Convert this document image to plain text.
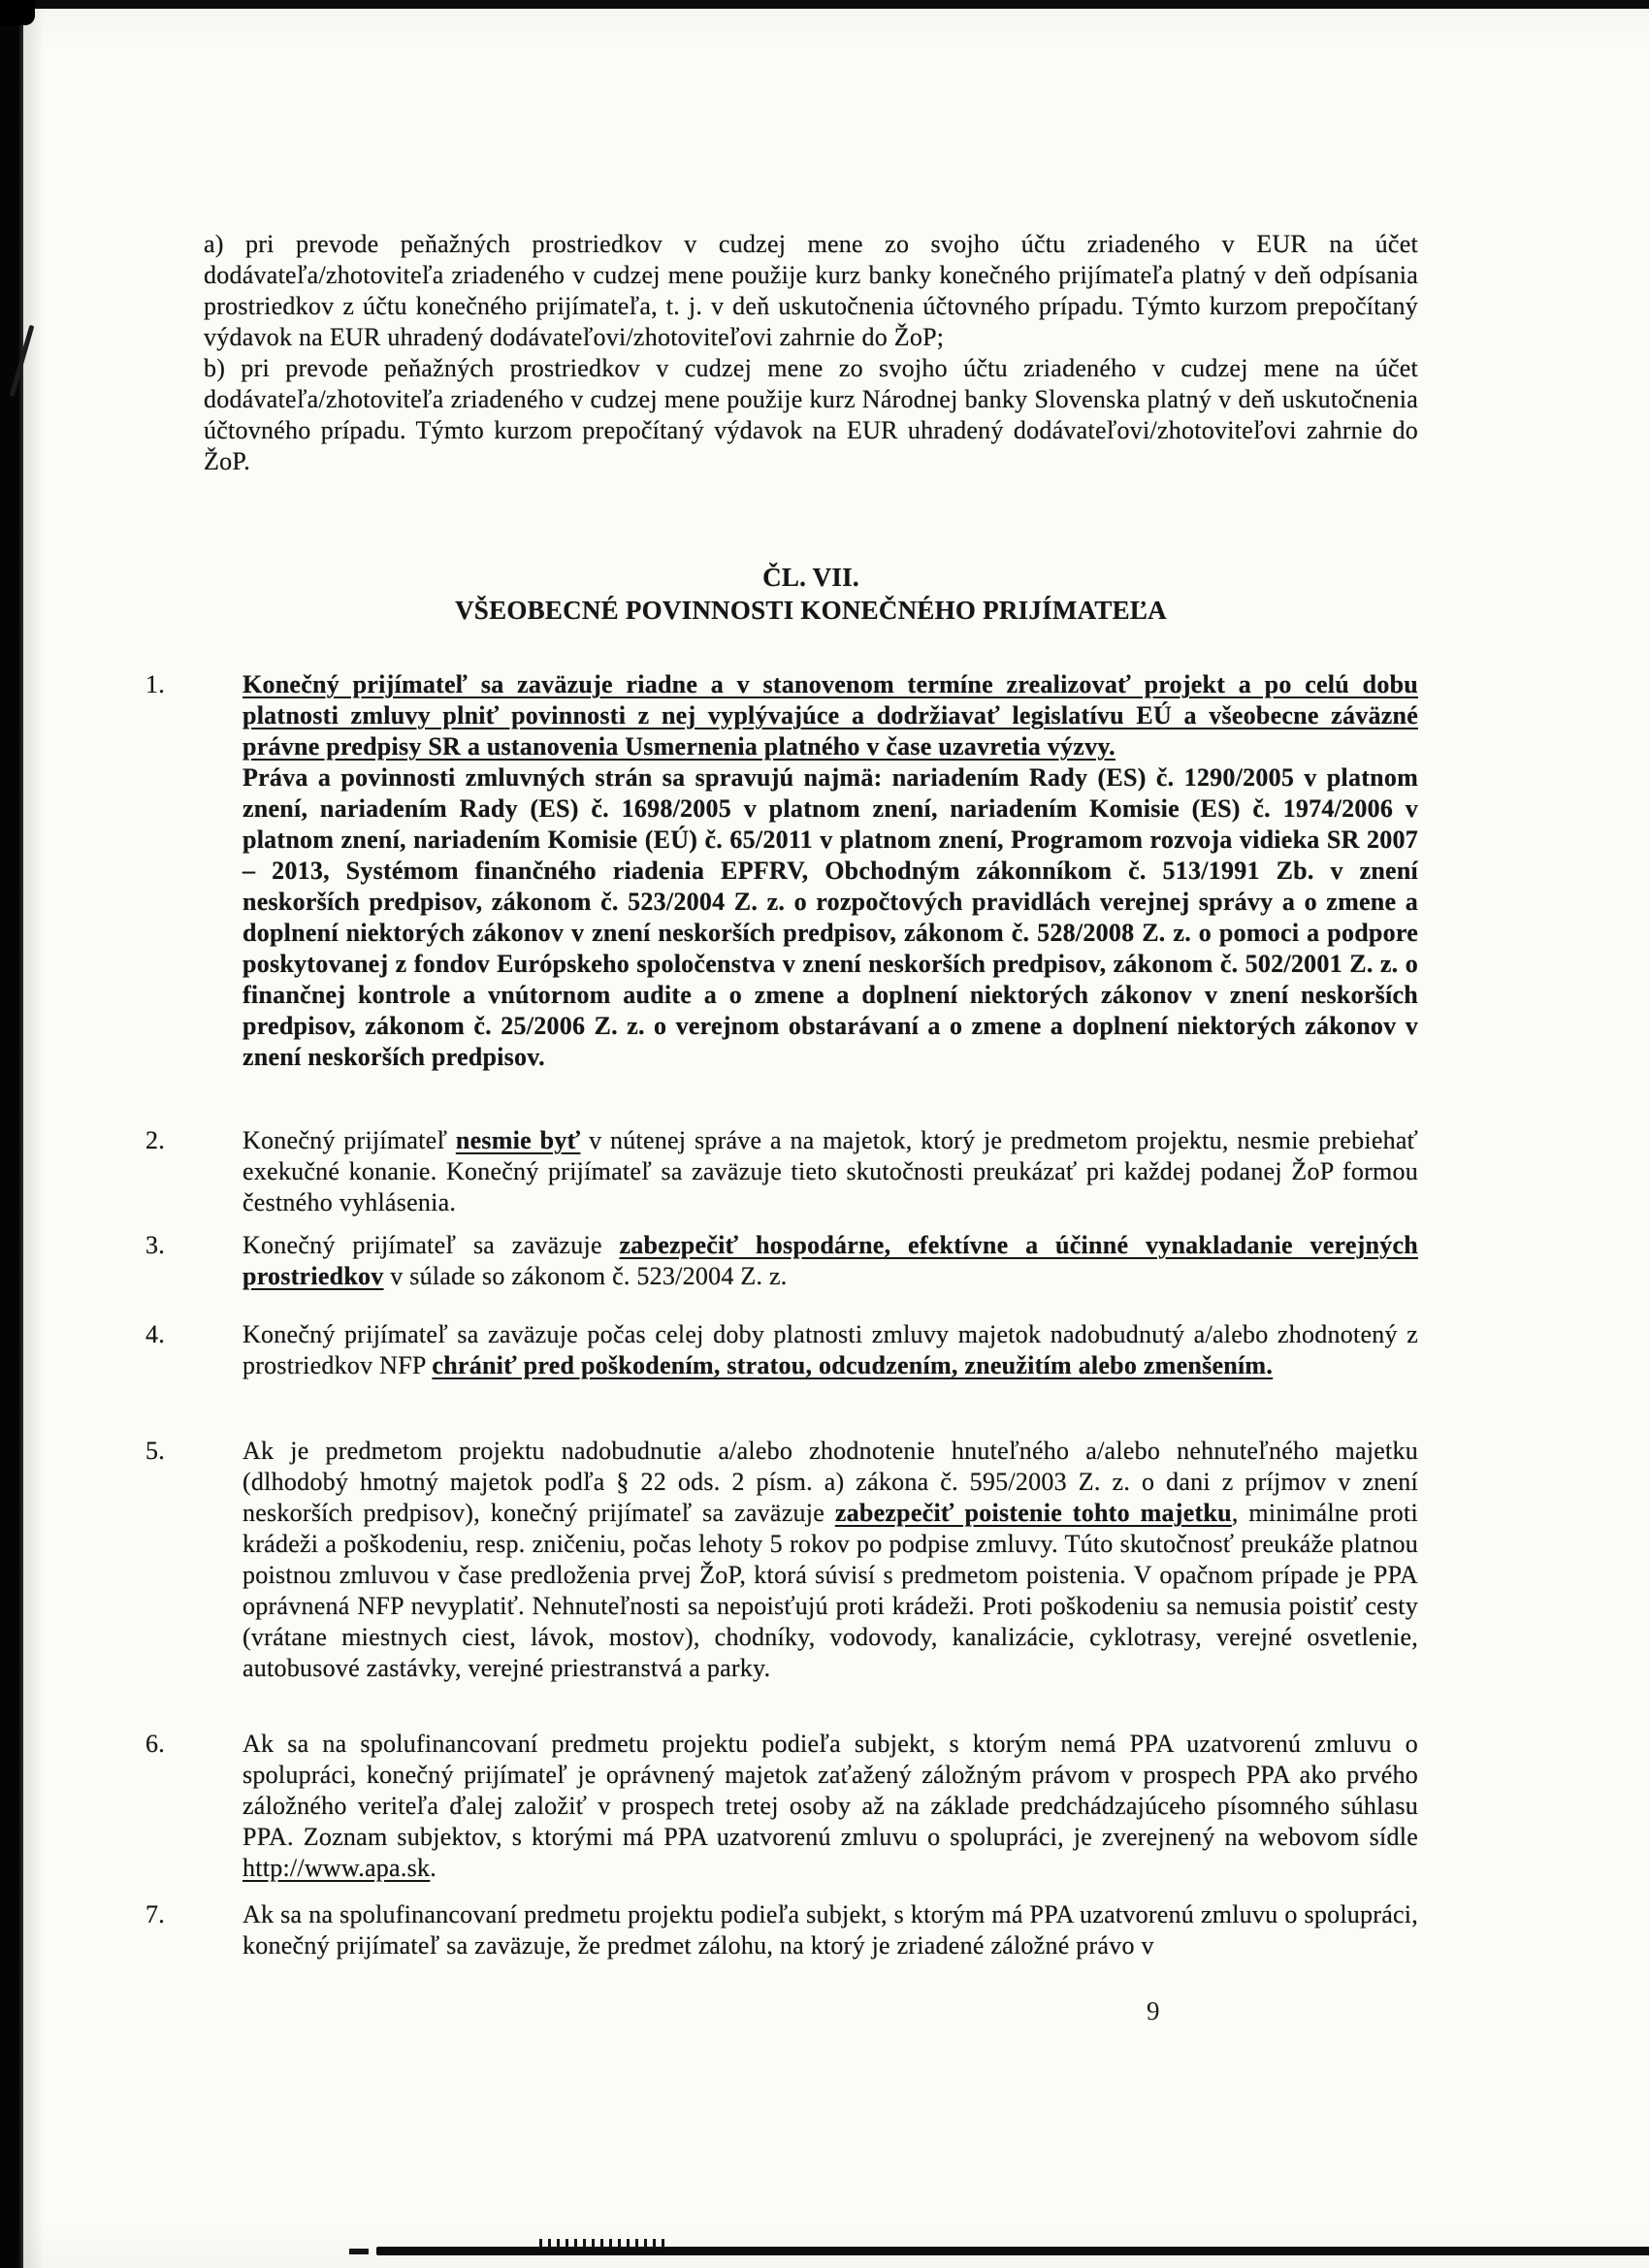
a) pri prevode peňažných prostriedkov v cudzej mene zo svojho účtu zriadeného v EUR na účet dodávateľa/zhotoviteľa zriadeného v cudzej mene použije kurz banky konečného prijímateľa platný v deň odpísania prostriedkov z účtu konečného prijímateľa, t. j. v deň uskutočnenia účtovného prípadu. Týmto kurzom prepočítaný výdavok na EUR uhradený dodávateľovi/zhotoviteľovi zahrnie do ŽoP;

b) pri prevode peňažných prostriedkov v cudzej mene zo svojho účtu zriadeného v cudzej mene na účet dodávateľa/zhotoviteľa zriadeného v cudzej mene použije kurz Národnej banky Slovenska platný v deň uskutočnenia účtovného prípadu. Týmto kurzom prepočítaný výdavok na EUR uhradený dodávateľovi/zhotoviteľovi zahrnie do ŽoP.

ČL. VII.
VŠEOBECNÉ POVINNOSTI KONEČNÉHO PRIJÍMATEĽA
1.	Konečný prijímateľ sa zaväzuje riadne a v stanovenom termíne zrealizovať projekt a po celú dobu platnosti zmluvy plniť povinnosti z nej vyplývajúce a dodržiavať legislatívu EÚ a všeobecne záväzné právne predpisy SR a ustanovenia Usmernenia platného v čase uzavretia výzvy.

Práva a povinnosti zmluvných strán sa spravujú najmä: nariadením Rady (ES) č. 1290/2005 v platnom znení, nariadením Rady (ES) č. 1698/2005 v platnom znení, nariadením Komisie (ES) č. 1974/2006 v platnom znení, nariadením Komisie (EÚ) č. 65/2011 v platnom znení, Programom rozvoja vidieka SR 2007 – 2013, Systémom finančného riadenia EPFRV, Obchodným zákonníkom č. 513/1991 Zb. v znení neskorších predpisov, zákonom č. 523/2004 Z. z. o rozpočtových pravidlách verejnej správy a o zmene a doplnení niektorých zákonov v znení neskorších predpisov, zákonom č. 528/2008 Z. z. o pomoci a podpore poskytovanej z fondov Európskeho spoločenstva v znení neskorších predpisov, zákonom č. 502/2001 Z. z. o finančnej kontrole a vnútornom audite a o zmene a doplnení niektorých zákonov v znení neskorších predpisov, zákonom č. 25/2006 Z. z. o verejnom obstarávaní a o zmene a doplnení niektorých zákonov v znení neskorších predpisov.

2.	Konečný prijímateľ nesmie byť v nútenej správe a na majetok, ktorý je predmetom projektu, nesmie prebiehať exekučné konanie. Konečný prijímateľ sa zaväzuje tieto skutočnosti preukázať pri každej podanej ŽoP formou čestného vyhlásenia.

3.	Konečný prijímateľ sa zaväzuje zabezpečiť hospodárne, efektívne a účinné vynakladanie verejných prostriedkov v súlade so zákonom č. 523/2004 Z. z.

4.	Konečný prijímateľ sa zaväzuje počas celej doby platnosti zmluvy majetok nadobudnutý a/alebo zhodnotený z prostriedkov NFP chrániť pred poškodením, stratou, odcudzením, zneužitím alebo zmenšením.

5.	Ak je predmetom projektu nadobudnutie a/alebo zhodnotenie hnuteľného a/alebo nehnuteľného majetku (dlhodobý hmotný majetok podľa § 22 ods. 2 písm. a) zákona č. 595/2003 Z. z. o dani z príjmov v znení neskorších predpisov), konečný prijímateľ sa zaväzuje zabezpečiť poistenie tohto majetku, minimálne proti krádeži a poškodeniu, resp. zničeniu, počas lehoty 5 rokov po podpise zmluvy. Túto skutočnosť preukáže platnou poistnou zmluvou v čase predloženia prvej ŽoP, ktorá súvisí s predmetom poistenia. V opačnom prípade je PPA oprávnená NFP nevyplatiť. Nehnuteľnosti sa nepoisťujú proti krádeži. Proti poškodeniu sa nemusia poistiť cesty (vrátane miestnych ciest, lávok, mostov), chodníky, vodovody, kanalizácie, cyklotrasy, verejné osvetlenie, autobusové zastávky, verejné priestranstvá a parky.

6.	Ak sa na spolufinancovaní predmetu projektu podieľa subjekt, s ktorým nemá PPA uzatvorenú zmluvu o spolupráci, konečný prijímateľ je oprávnený majetok zaťažený záložným právom v prospech PPA ako prvého záložného veriteľa ďalej založiť v prospech tretej osoby až na základe predchádzajúceho písomného súhlasu PPA. Zoznam subjektov, s ktorými má PPA uzatvorenú zmluvu o spolupráci, je zverejnený na webovom sídle http://www.apa.sk.

7.	Ak sa na spolufinancovaní predmetu projektu podieľa subjekt, s ktorým má PPA uzatvorenú zmluvu o spolupráci, konečný prijímateľ sa zaväzuje, že predmet zálohu, na ktorý je zriadené záložné právo v

9
